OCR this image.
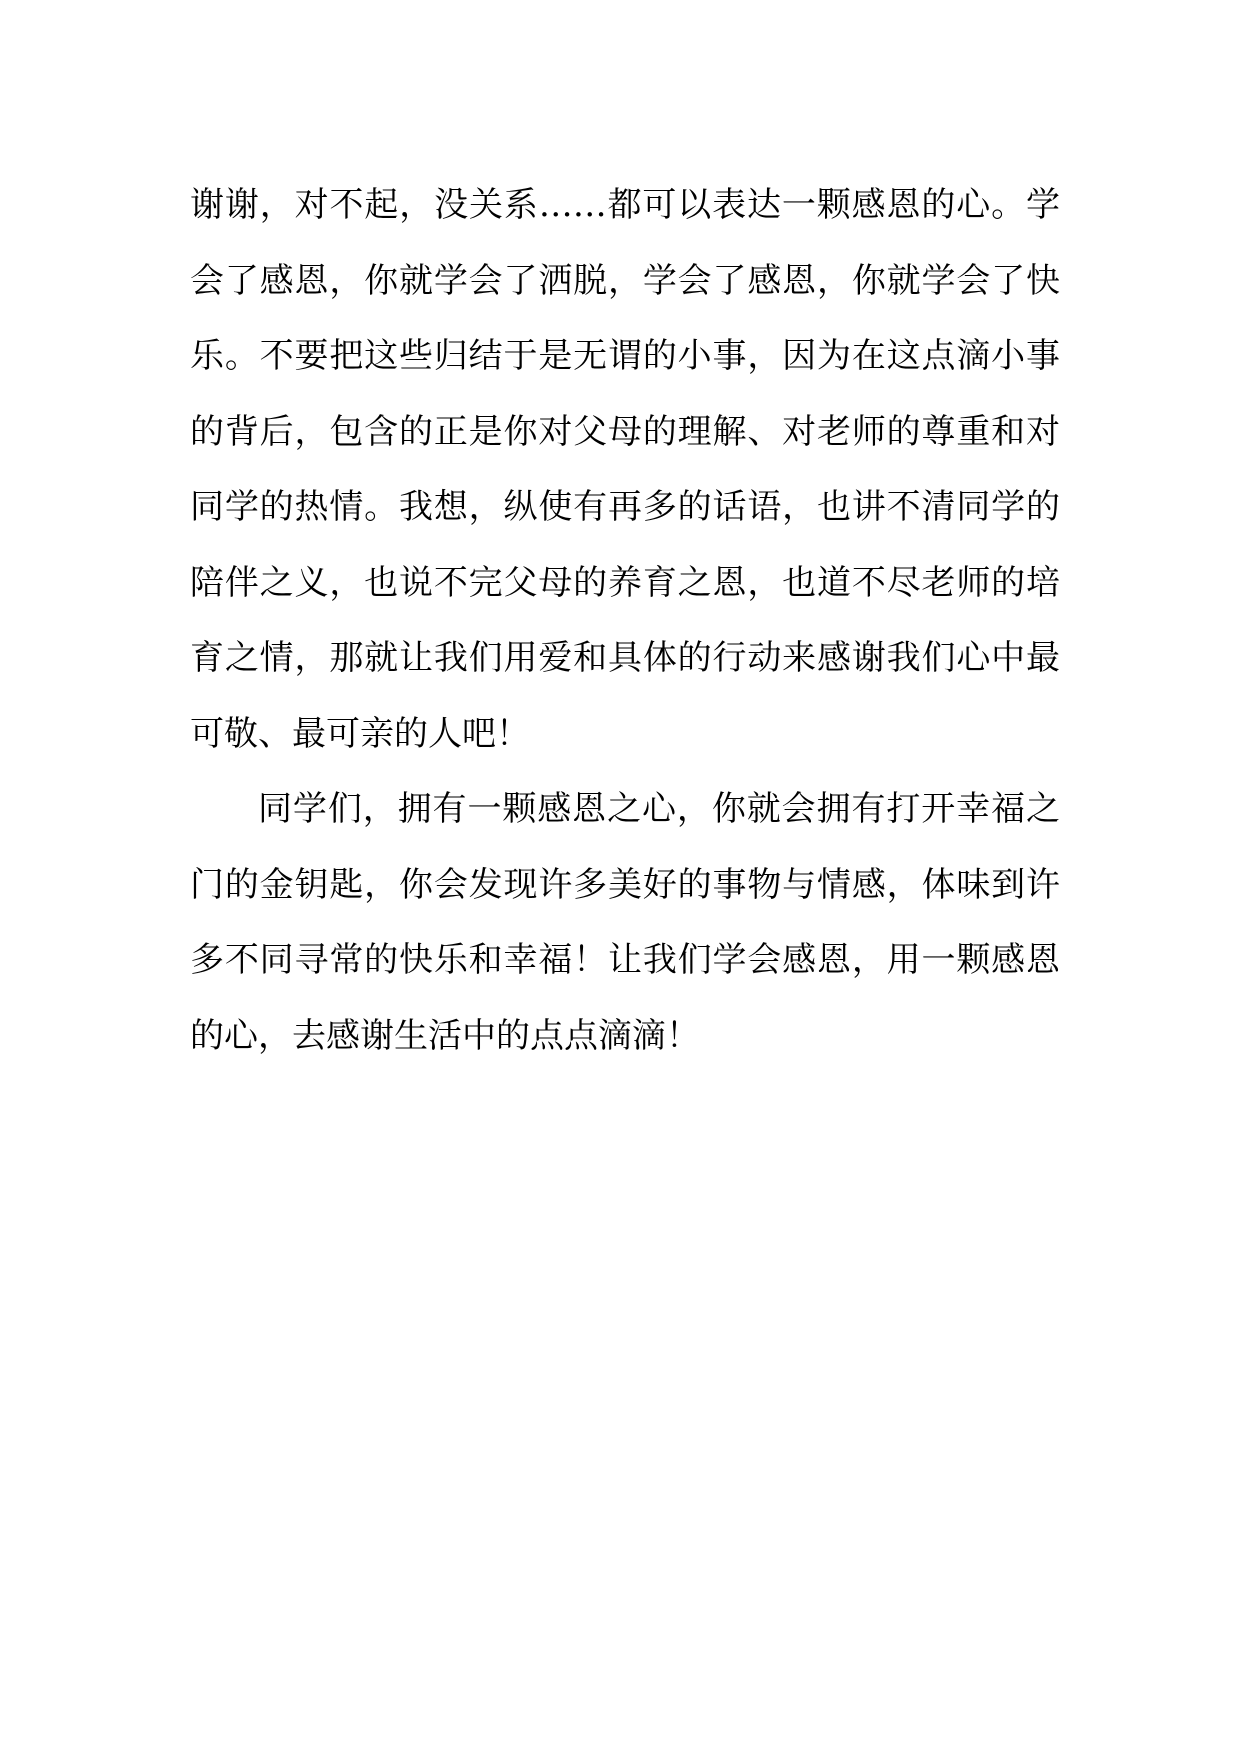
谢谢，对不起，没关系……都可以表达一颗感恩的心。学
会了感恩，你就学会了洒脱，学会了感恩，你就学会了快
乐。不要把这些归结于是无谓的小事，因为在这点滴小事
的背后，包含的正是你对父母的理解、对老师的尊重和对
同学的热情。我想，纵使有再多的话语，也讲不清同学的
陪伴之义，也说不完父母的养育之恩，也道不尽老师的培
育之情，那就让我们用爱和具体的行动来感谢我们心中最
可敬、最可亲的人吧！
同学们，拥有一颗感恩之心，你就会拥有打开幸福之
门的金钥匙，你会发现许多美好的事物与情感，体味到许
多不同寻常的快乐和幸福！让我们学会感恩，用一颗感恩
的心，去感谢生活中的点点滴滴！
